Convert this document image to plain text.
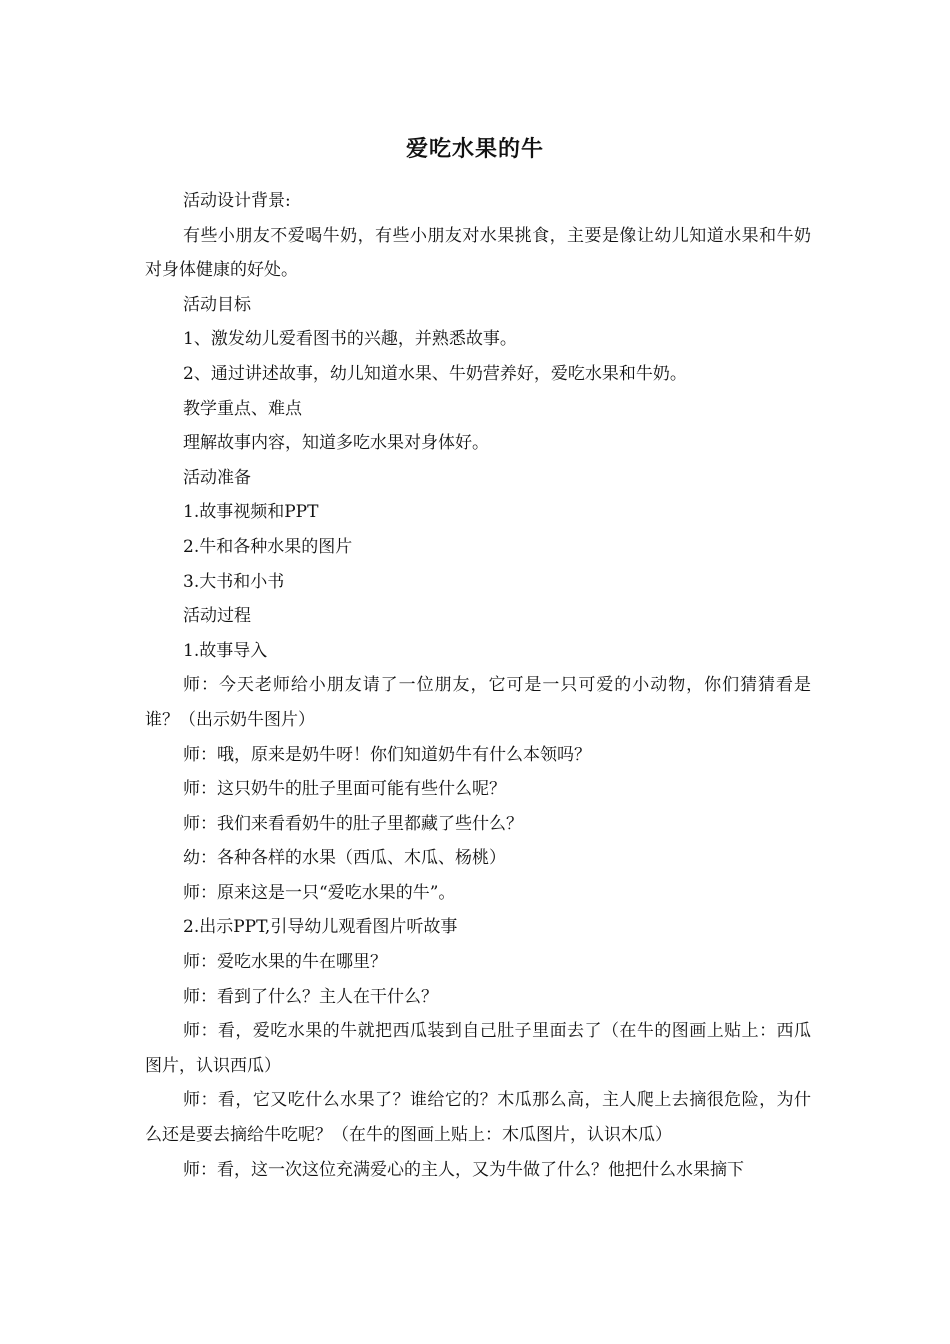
爱吃水果的牛

活动设计背景:

有些小朋友不爱喝牛奶，有些小朋友对水果挑食，主要是像让幼儿知道水果和牛奶对身体健康的好处。

活动目标

1、激发幼儿爱看图书的兴趣，并熟悉故事。

2、通过讲述故事，幼儿知道水果、牛奶营养好，爱吃水果和牛奶。

教学重点、难点

理解故事内容，知道多吃水果对身体好。

活动准备

1.故事视频和PPT

2.牛和各种水果的图片

3.大书和小书

活动过程

1.故事导入

师：今天老师给小朋友请了一位朋友，它可是一只可爱的小动物，你们猜猜看是谁？（出示奶牛图片）

师：哦，原来是奶牛呀！你们知道奶牛有什么本领吗？

师：这只奶牛的肚子里面可能有些什么呢？

师：我们来看看奶牛的肚子里都藏了些什么？

幼：各种各样的水果（西瓜、木瓜、杨桃）

师：原来这是一只“爱吃水果的牛”。

2.出示PPT,引导幼儿观看图片听故事

师：爱吃水果的牛在哪里？

师：看到了什么？主人在干什么？

师：看，爱吃水果的牛就把西瓜装到自己肚子里面去了（在牛的图画上贴上：西瓜图片，认识西瓜）

师：看，它又吃什么水果了？谁给它的？木瓜那么高，主人爬上去摘很危险，为什么还是要去摘给牛吃呢？（在牛的图画上贴上：木瓜图片，认识木瓜）

师：看，这一次这位充满爱心的主人，又为牛做了什么？他把什么水果摘下
